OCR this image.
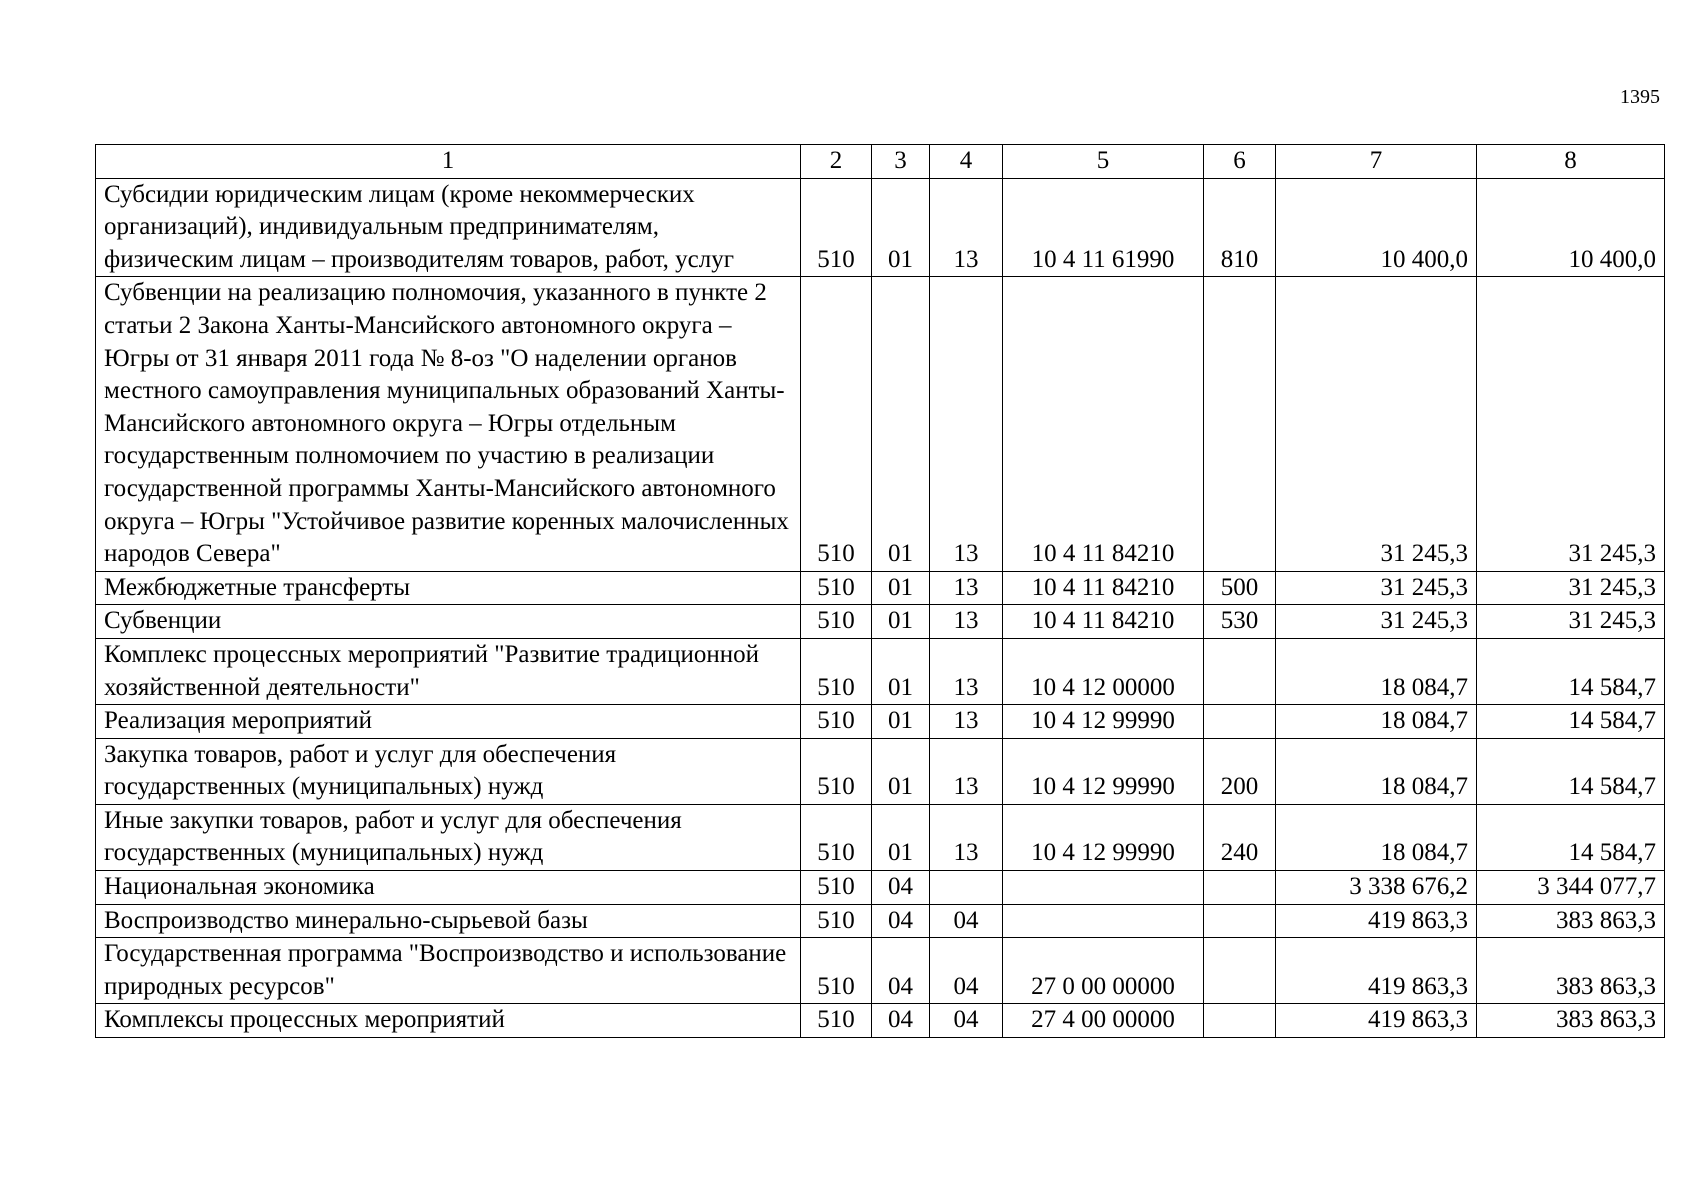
1395
1	2	3	4	5	6	7	8
Субсидии юридическим лицам (кроме некоммерческих организаций), индивидуальным предпринимателям, физическим лицам – производителям товаров, работ, услуг	510	01	13	10 4 11 61990	810	10 400,0	10 400,0
Субвенции на реализацию полномочия, указанного в пункте 2 статьи 2 Закона Ханты-Мансийского автономного округа – Югры от 31 января 2011 года № 8-оз "О наделении органов местного самоуправления муниципальных образований Ханты-Мансийского автономного округа – Югры отдельным государственным полномочием по участию в реализации государственной программы Ханты-Мансийского автономного округа – Югры "Устойчивое развитие коренных малочисленных народов Севера"	510	01	13	10 4 11 84210		31 245,3	31 245,3
Межбюджетные трансферты	510	01	13	10 4 11 84210	500	31 245,3	31 245,3
Субвенции	510	01	13	10 4 11 84210	530	31 245,3	31 245,3
Комплекс процессных мероприятий "Развитие традиционной хозяйственной деятельности"	510	01	13	10 4 12 00000		18 084,7	14 584,7
Реализация мероприятий	510	01	13	10 4 12 99990		18 084,7	14 584,7
Закупка товаров, работ и услуг для обеспечения государственных (муниципальных) нужд	510	01	13	10 4 12 99990	200	18 084,7	14 584,7
Иные закупки товаров, работ и услуг для обеспечения государственных (муниципальных) нужд	510	01	13	10 4 12 99990	240	18 084,7	14 584,7
Национальная экономика	510	04				3 338 676,2	3 344 077,7
Воспроизводство минерально-сырьевой базы	510	04	04			419 863,3	383 863,3
Государственная программа "Воспроизводство и использование природных ресурсов"	510	04	04	27 0 00 00000		419 863,3	383 863,3
Комплексы процессных мероприятий	510	04	04	27 4 00 00000		419 863,3	383 863,3
